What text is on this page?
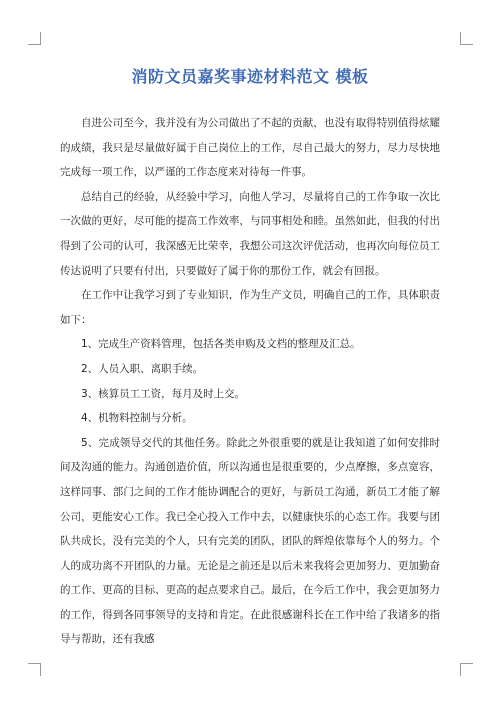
消防文员嘉奖事迹材料范文 模板

自进公司至今，我并没有为公司做出了不起的贡献，也没有取得特别值得炫耀的成绩，我只是尽量做好属于自己岗位上的工作，尽自己最大的努力，尽力尽快地完成每一项工作，以严谨的工作态度来对待每一件事。

总结自己的经验，从经验中学习，向他人学习，尽量将自己的工作争取一次比一次做的更好，尽可能的提高工作效率，与同事相处和睦。虽然如此，但我的付出得到了公司的认可，我深感无比荣幸，我想公司这次评优活动，也再次向每位员工传达说明了只要有付出，只要做好了属于你的那份工作，就会有回报。

在工作中让我学习到了专业知识，作为生产文员，明确自己的工作，具体职责如下：

1、完成生产资料管理，包括各类申购及文档的整理及汇总。

2、人员入职、离职手续。

3、核算员工工资，每月及时上交。

4、机物料控制与分析。

5、完成领导交代的其他任务。除此之外很重要的就是让我知道了如何安排时间及沟通的能力。沟通创造价值，所以沟通也是很重要的，少点摩擦，多点宽容，这样同事、部门之间的工作才能协调配合的更好，与新员工沟通，新员工才能了解公司，更能安心工作。我已全心投入工作中去，以健康快乐的心态工作。我要与团队共成长，没有完美的个人，只有完美的团队，团队的辉煌依靠每个人的努力。个人的成功离不开团队的力量。无论是之前还是以后未来我将会更加努力、更加勤奋的工作、更高的目标、更高的起点要求自己。最后，在今后工作中，我会更加努力的工作，得到各同事领导的支持和肯定。在此很感谢科长在工作中给了我诸多的指导与帮助，还有我感
